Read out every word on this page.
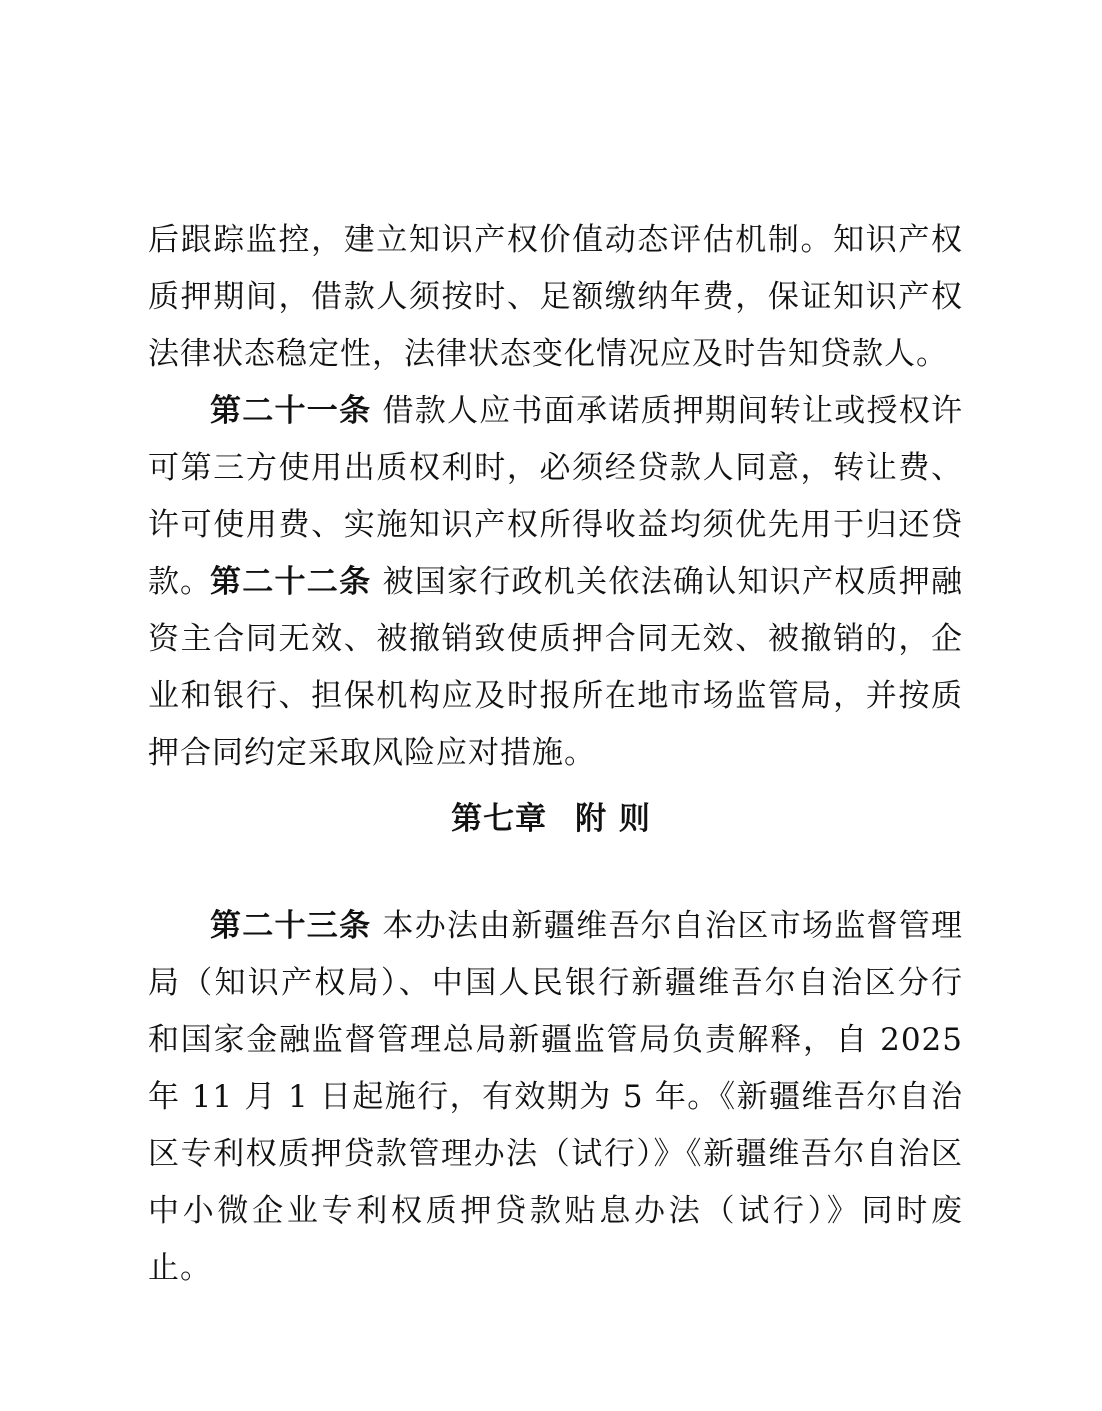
后跟踪监控，建立知识产权价值动态评估机制。知识产权质押期间，借款人须按时、足额缴纳年费，保证知识产权法律状态稳定性，法律状态变化情况应及时告知贷款人。
第二十一条 借款人应书面承诺质押期间转让或授权许可第三方使用出质权利时，必须经贷款人同意，转让费、许可使用费、实施知识产权所得收益均须优先用于归还贷款。
第二十二条 被国家行政机关依法确认知识产权质押融资主合同无效、被撤销致使质押合同无效、被撤销的，企业和银行、担保机构应及时报所在地市场监管局，并按质押合同约定采取风险应对措施。
第七章 附 则
第二十三条 本办法由新疆维吾尔自治区市场监督管理局（知识产权局）、中国人民银行新疆维吾尔自治区分行和国家金融监督管理总局新疆监管局负责解释，自 2025 年 11 月 1 日起施行，有效期为 5 年。《新疆维吾尔自治区专利权质押贷款管理办法（试行）》《新疆维吾尔自治区中小微企业专利权质押贷款贴息办法（试行）》同时废止。
